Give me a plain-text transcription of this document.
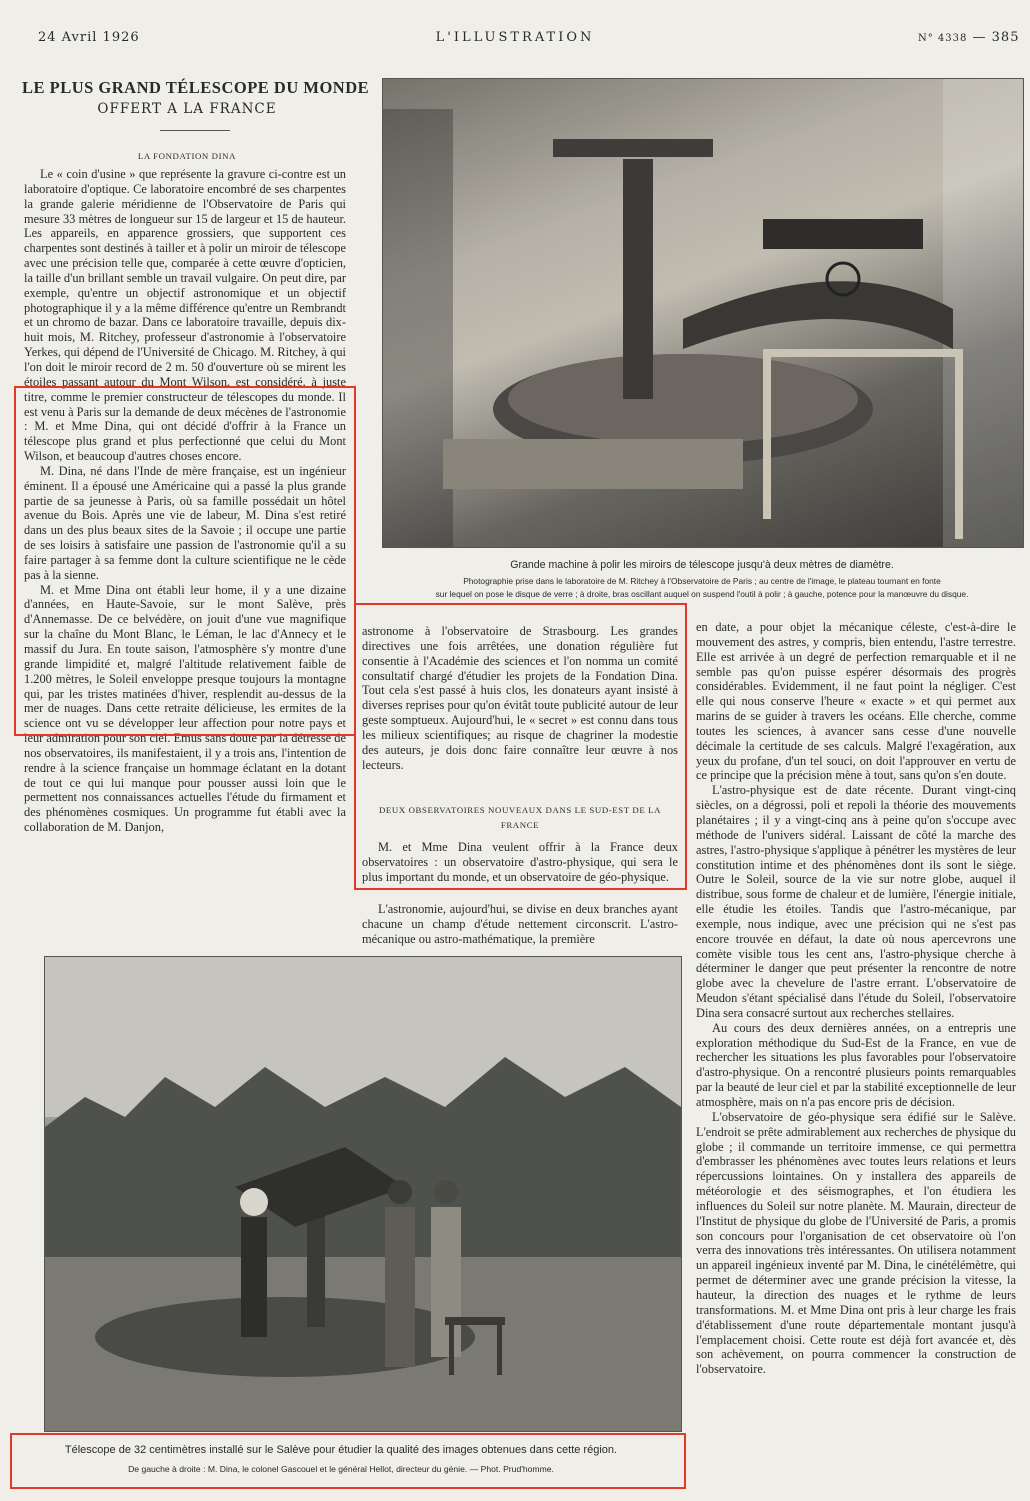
24 Avril 1926	L'ILLUSTRATION	N° 4338 — 385
LE PLUS GRAND TÉLESCOPE DU MONDE
OFFERT A LA FRANCE
LA FONDATION DINA

Le « coin d'usine » que représente la gravure ci-contre est un laboratoire d'optique. Ce laboratoire encombré de ses charpentes la grande galerie méridienne de l'Observatoire de Paris qui mesure 33 mètres de longueur sur 15 de largeur et 15 de hauteur. Les appareils, en apparence grossiers, que supportent ces charpentes sont destinés à tailler et à polir un miroir de télescope avec une précision telle que, comparée à cette œuvre d'opticien, la taille d'un brillant semble un travail vulgaire. On peut dire, par exemple, qu'entre un objectif astronomique et un objectif photographique il y a la même différence qu'entre un Rembrandt et un chromo de bazar. Dans ce laboratoire travaille, depuis dix-huit mois, M. Ritchey, professeur d'astronomie à l'observatoire Yerkes, qui dépend de l'Université de Chicago. M. Ritchey, à qui l'on doit le miroir record de 2 m. 50 d'ouverture où se mirent les étoiles passant autour du Mont Wilson, est considéré, à juste titre, comme le premier constructeur de télescopes du monde. Il est venu à Paris sur la demande de deux mécènes de l'astronomie : M. et Mme Dina, qui ont décidé d'offrir à la France un télescope plus grand et plus perfectionné que celui du Mont Wilson, et beaucoup d'autres choses encore.

M. Dina, né dans l'Inde de mère française, est un ingénieur éminent. Il a épousé une Américaine qui a passé la plus grande partie de sa jeunesse à Paris, où sa famille possédait un hôtel avenue du Bois. Après une vie de labeur, M. Dina s'est retiré dans un des plus beaux sites de la Savoie ; il occupe une partie de ses loisirs à satisfaire une passion de l'astronomie qu'il a su faire partager à sa femme dont la culture scientifique ne le cède pas à la sienne.

M. et Mme Dina ont établi leur home, il y a une dizaine d'années, en Haute-Savoie, sur le mont Salève, près d'Annemasse. De ce belvédère, on jouit d'une vue magnifique sur la chaîne du Mont Blanc, le Léman, le lac d'Annecy et le massif du Jura. En toute saison, l'atmosphère s'y montre d'une grande limpidité et, malgré l'altitude relativement faible de 1.200 mètres, le Soleil enveloppe presque toujours la montagne qui, par les tristes matinées d'hiver, resplendit au-dessus de la mer de nuages. Dans cette retraite délicieuse, les ermites de la science ont vu se développer leur affection pour notre pays et leur admiration pour son ciel. Emus sans doute par la détresse de nos observatoires, ils manifestaient, il y a trois ans, l'intention de rendre à la science française un hommage éclatant en la dotant de tout ce qui lui manque pour pousser aussi loin que le permettent nos connaissances actuelles l'étude du firmament et des phénomènes cosmiques. Un programme fut établi avec la collaboration de M. Danjon,

Grande machine à polir les miroirs de télescope jusqu'à deux mètres de diamètre.
Photographie prise dans le laboratoire de M. Ritchey à l'Observatoire de Paris ; au centre de l'image, le plateau tournant en fonte
sur lequel on pose le disque de verre ; à droite, bras oscillant auquel on suspend l'outil à polir ; à gauche, potence pour la manœuvre du disque.

astronome à l'observatoire de Strasbourg. Les grandes directives une fois arrêtées, une donation régulière fut consentie à l'Académie des sciences et l'on nomma un comité consultatif chargé d'étudier les projets de la Fondation Dina. Tout cela s'est passé à huis clos, les donateurs ayant insisté à diverses reprises pour qu'on évitât toute publicité autour de leur geste somptueux. Aujourd'hui, le « secret » est connu dans tous les milieux scientifiques; au risque de chagriner la modestie des auteurs, je dois donc faire connaître leur œuvre à nos lecteurs.

DEUX OBSERVATOIRES NOUVEAUX DANS LE SUD-EST DE LA FRANCE

M. et Mme Dina veulent offrir à la France deux observatoires : un observatoire d'astro-physique, qui sera le plus important du monde, et un observatoire de géo-physique.

L'astronomie, aujourd'hui, se divise en deux branches ayant chacune un champ d'étude nettement circonscrit. L'astro-mécanique ou astro-mathématique, la première

en date, a pour objet la mécanique céleste, c'est-à-dire le mouvement des astres, y compris, bien entendu, l'astre terrestre. Elle est arrivée à un degré de perfection remarquable et il ne semble pas qu'on puisse espérer désormais des progrès considérables. Evidemment, il ne faut point la négliger. C'est elle qui nous conserve l'heure « exacte » et qui permet aux marins de se guider à travers les océans. Elle cherche, comme toutes les sciences, à avancer sans cesse d'une nouvelle décimale la certitude de ses calculs. Malgré l'exagération, aux yeux du profane, d'un tel souci, on doit l'approuver en vertu de ce principe que la précision mène à tout, sans qu'on s'en doute.

L'astro-physique est de date récente. Durant vingt-cinq siècles, on a dégrossi, poli et repoli la théorie des mouvements planétaires ; il y a vingt-cinq ans à peine qu'on s'occupe avec méthode de l'univers sidéral. Laissant de côté la marche des astres, l'astro-physique s'applique à pénétrer les mystères de leur constitution intime et des phénomènes dont ils sont le siège. Outre le Soleil, source de la vie sur notre globe, auquel il distribue, sous forme de chaleur et de lumière, l'énergie initiale, elle étudie les étoiles. Tandis que l'astro-mécanique, par exemple, nous indique, avec une précision qui ne s'est pas encore trouvée en défaut, la date où nous apercevrons une comète visible tous les cent ans, l'astro-physique cherche à déterminer le danger que peut présenter la rencontre de notre globe avec la chevelure de l'astre errant. L'observatoire de Meudon s'étant spécialisé dans l'étude du Soleil, l'observatoire Dina sera consacré surtout aux recherches stellaires.

Au cours des deux dernières années, on a entrepris une exploration méthodique du Sud-Est de la France, en vue de rechercher les situations les plus favorables pour l'observatoire d'astro-physique. On a rencontré plusieurs points remarquables par la beauté de leur ciel et par la stabilité exceptionnelle de leur atmosphère, mais on n'a pas encore pris de décision.

L'observatoire de géo-physique sera édifié sur le Salève. L'endroit se prête admirablement aux recherches de physique du globe ; il commande un territoire immense, ce qui permettra d'embrasser les phénomènes avec toutes leurs relations et leurs répercussions lointaines. On y installera des appareils de météorologie et des séismographes, et l'on étudiera les influences du Soleil sur notre planète. M. Maurain, directeur de l'Institut de physique du globe de l'Université de Paris, a promis son concours pour l'organisation de cet observatoire où l'on verra des innovations très intéressantes. On utilisera notamment un appareil ingénieux inventé par M. Dina, le cinétélémètre, qui permet de déterminer avec une grande précision la vitesse, la hauteur, la direction des nuages et le rythme de leurs transformations. M. et Mme Dina ont pris à leur charge les frais d'établissement d'une route départementale montant jusqu'à l'emplacement choisi. Cette route est déjà fort avancée et, dès son achèvement, on pourra commencer la construction de l'observatoire.

Télescope de 32 centimètres installé sur le Salève pour étudier la qualité des images obtenues dans cette région.
De gauche à droite : M. Dina, le colonel Gascouel et le général Hellot, directeur du génie. — Phot. Prud'homme.
